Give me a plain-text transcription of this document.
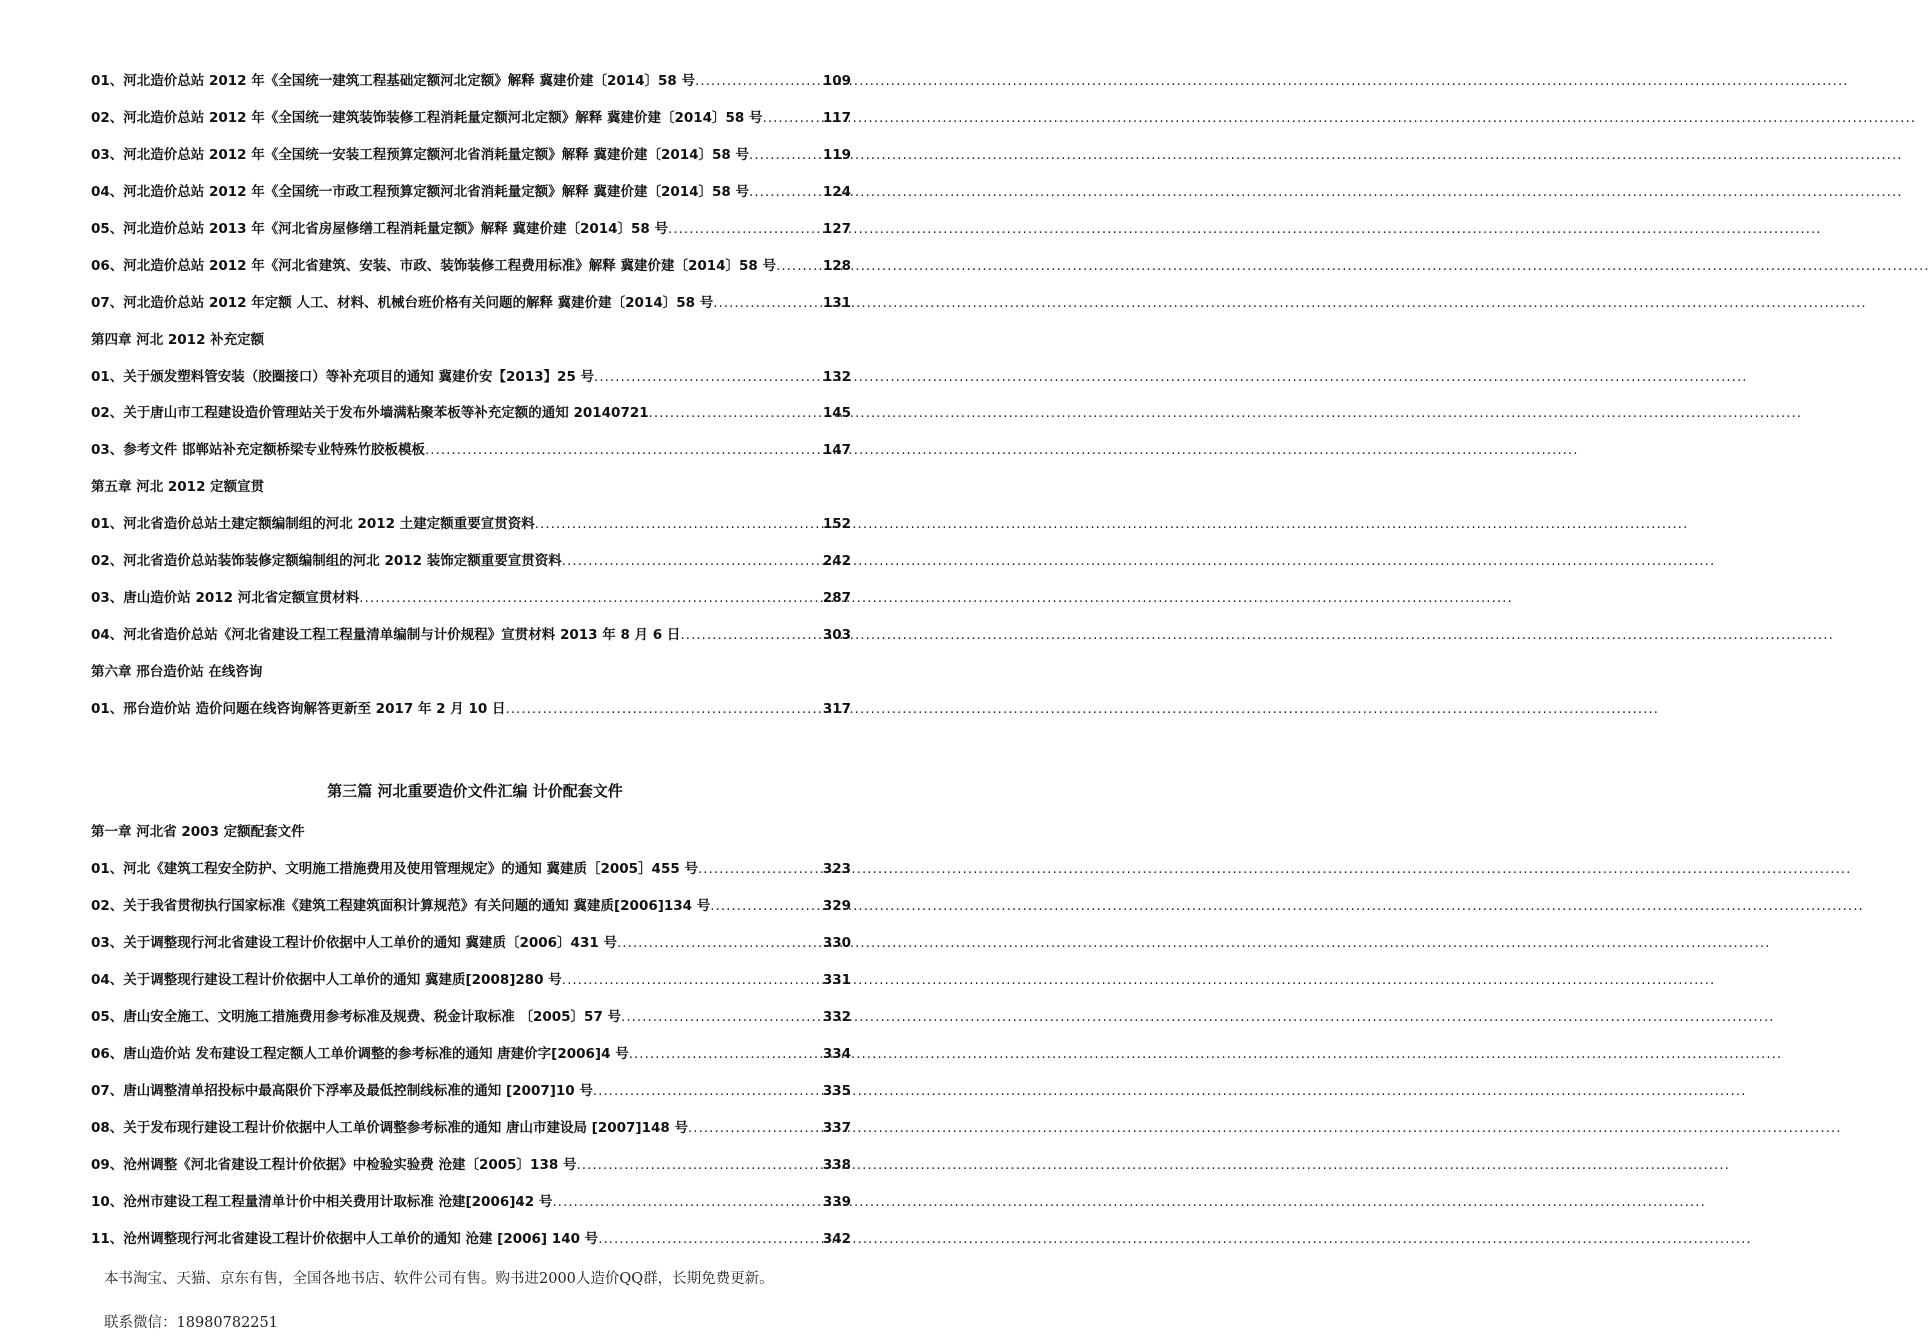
01、河北造价总站 2012 年《全国统一建筑工程基础定额河北定额》解释 冀建价建〔2014〕58 号 .....	109
02、河北造价总站 2012 年《全国统一建筑装饰装修工程消耗量定额河北定额》解释 冀建价建〔2014〕58 号 .....	117
03、河北造价总站 2012 年《全国统一安装工程预算定额河北省消耗量定额》解释 冀建价建〔2014〕58 号 .....	119
04、河北造价总站 2012 年《全国统一市政工程预算定额河北省消耗量定额》解释 冀建价建〔2014〕58 号 .....	124
05、河北造价总站 2013 年《河北省房屋修缮工程消耗量定额》解释 冀建价建〔2014〕58 号 .....	127
06、河北造价总站 2012 年《河北省建筑、安装、市政、装饰装修工程费用标准》解释 冀建价建〔2014〕58 号 .....	128
07、河北造价总站 2012 年定额 人工、材料、机械台班价格有关问题的解释 冀建价建〔2014〕58 号 .....	131
第四章 河北 2012 补充定额
01、关于颁发塑料管安装（胶圈接口）等补充项目的通知 冀建价安【2013】25 号 .....	132
02、关于唐山市工程建设造价管理站关于发布外墙满粘聚苯板等补充定额的通知 20140721 .....	145
03、参考文件 邯郸站补充定额桥梁专业特殊竹胶板模板 .....	147
第五章 河北 2012 定额宣贯
01、河北省造价总站土建定额编制组的河北 2012 土建定额重要宣贯资料 .....	152
02、河北省造价总站装饰装修定额编制组的河北 2012 装饰定额重要宣贯资料 .....	242
03、唐山造价站 2012 河北省定额宣贯材料 .....	287
04、河北省造价总站《河北省建设工程工程量清单编制与计价规程》宣贯材料 2013 年 8 月 6 日 .....	303
第六章 邢台造价站 在线咨询
01、邢台造价站 造价问题在线咨询解答更新至 2017 年 2 月 10 日 .....	317
第三篇 河北重要造价文件汇编 计价配套文件
第一章 河北省 2003 定额配套文件
01、河北《建筑工程安全防护、文明施工措施费用及使用管理规定》的通知 冀建质［2005］455 号 .....	323
02、关于我省贯彻执行国家标准《建筑工程建筑面积计算规范》有关问题的通知 冀建质[2006]134 号 .....	329
03、关于调整现行河北省建设工程计价依据中人工单价的通知 冀建质〔2006〕431 号 .....	330
04、关于调整现行建设工程计价依据中人工单价的通知 冀建质[2008]280 号 .....	331
05、唐山安全施工、文明施工措施费用参考标准及规费、税金计取标准 〔2005〕57 号 .....	332
06、唐山造价站 发布建设工程定额人工单价调整的参考标准的通知 唐建价字[2006]4 号 .....	334
07、唐山调整清单招投标中最高限价下浮率及最低控制线标准的通知 [2007]10 号 .....	335
08、关于发布现行建设工程计价依据中人工单价调整参考标准的通知 唐山市建设局 [2007]148 号 .....	337
09、沧州调整《河北省建设工程计价依据》中检验实验费 沧建〔2005〕138 号 .....	338
10、沧州市建设工程工程量清单计价中相关费用计取标准 沧建[2006]42 号 .....	339
11、沧州调整现行河北省建设工程计价依据中人工单价的通知 沧建 [2006] 140 号 .....	342
本书淘宝、天猫、京东有售，全国各地书店、软件公司有售。购书进2000人造价QQ群，长期免费更新。
联系微信：18980782251
